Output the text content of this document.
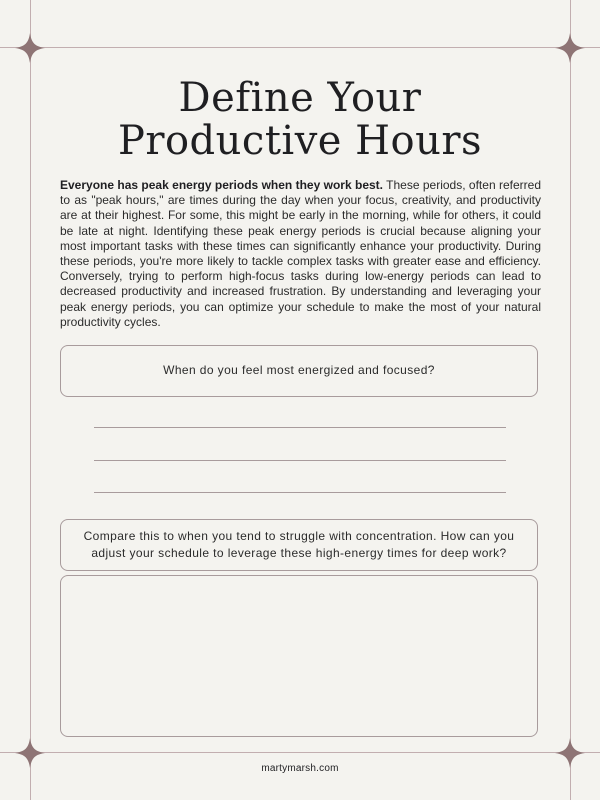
Define Your
Productive Hours

Everyone has peak energy periods when they work best. These periods, often referred to as "peak hours," are times during the day when your focus, creativity, and productivity are at their highest. For some, this might be early in the morning, while for others, it could be late at night. Identifying these peak energy periods is crucial because aligning your most important tasks with these times can significantly enhance your productivity. During these periods, you're more likely to tackle complex tasks with greater ease and efficiency. Conversely, trying to perform high-focus tasks during low-energy periods can lead to decreased productivity and increased frustration. By understanding and leveraging your peak energy periods, you can optimize your schedule to make the most of your natural productivity cycles.

When do you feel most energized and focused?
Compare this to when you tend to struggle with concentration. How can you
adjust your schedule to leverage these high-energy times for deep work?
martymarsh.com
